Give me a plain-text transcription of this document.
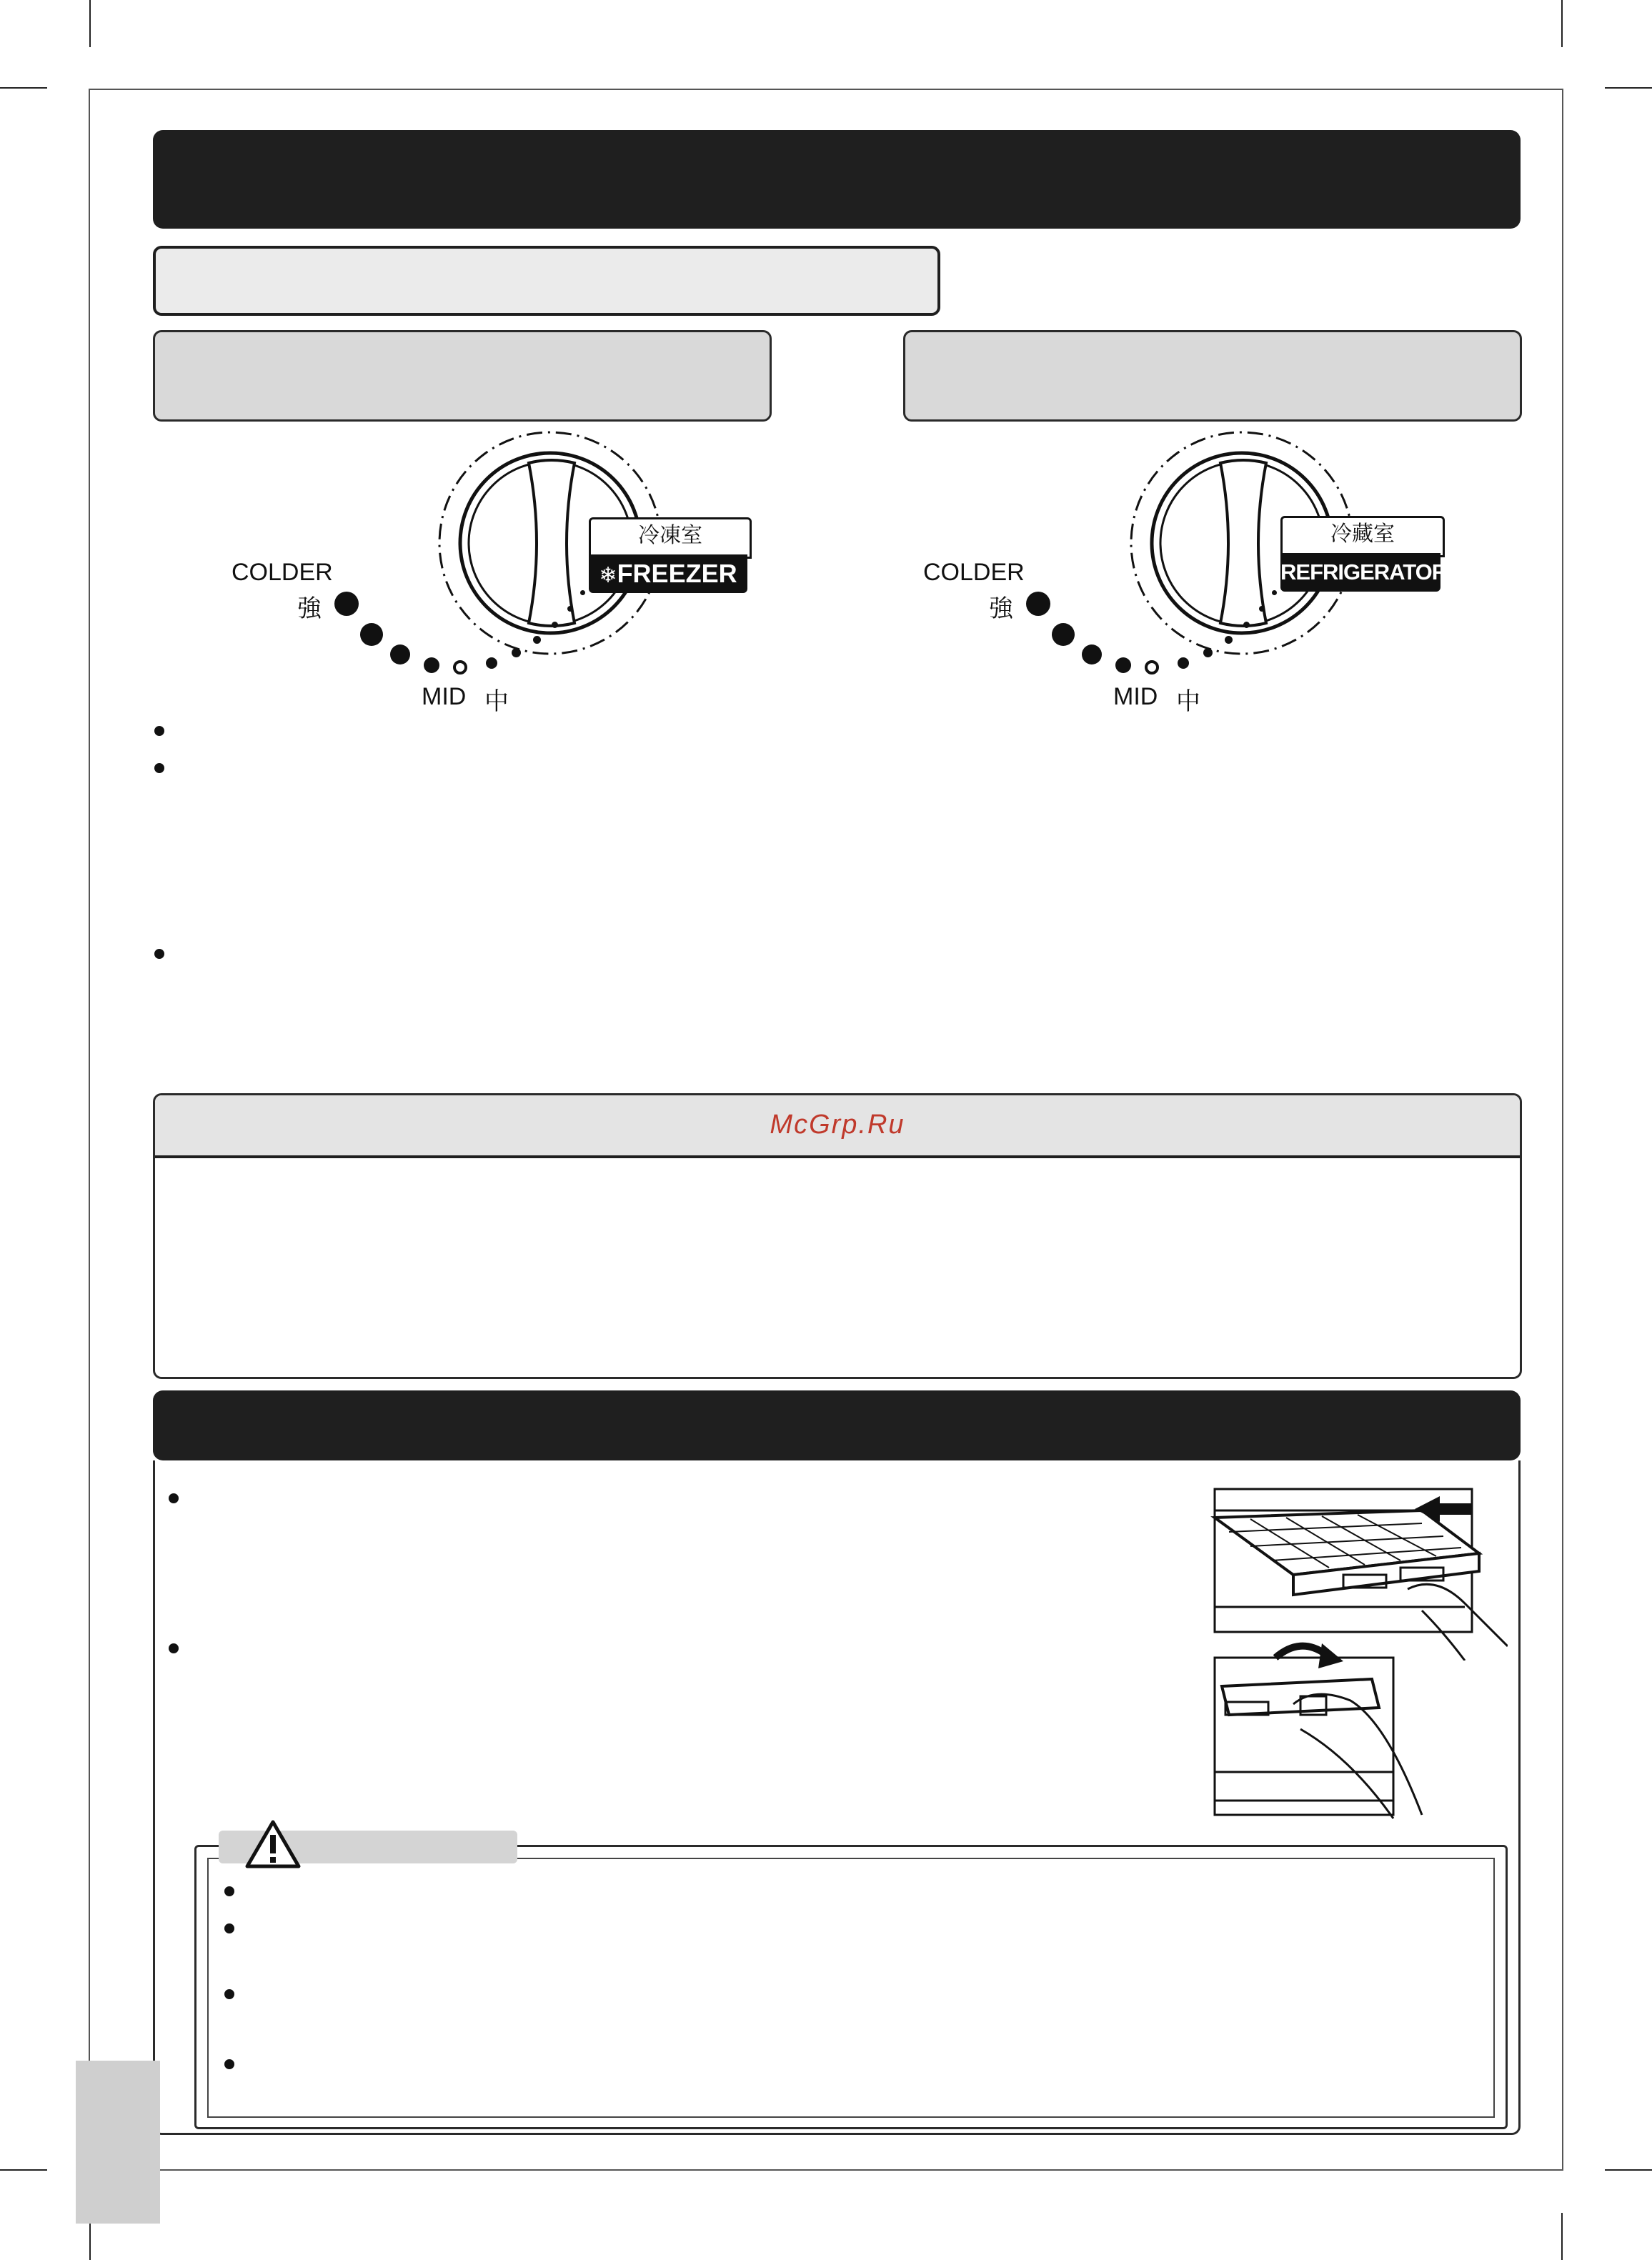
COLDER
強
MID 中
冷凍室
❄FREEZER	COLDER
強
MID 中
冷藏室
REFRIGERATOR
McGrp.Ru
